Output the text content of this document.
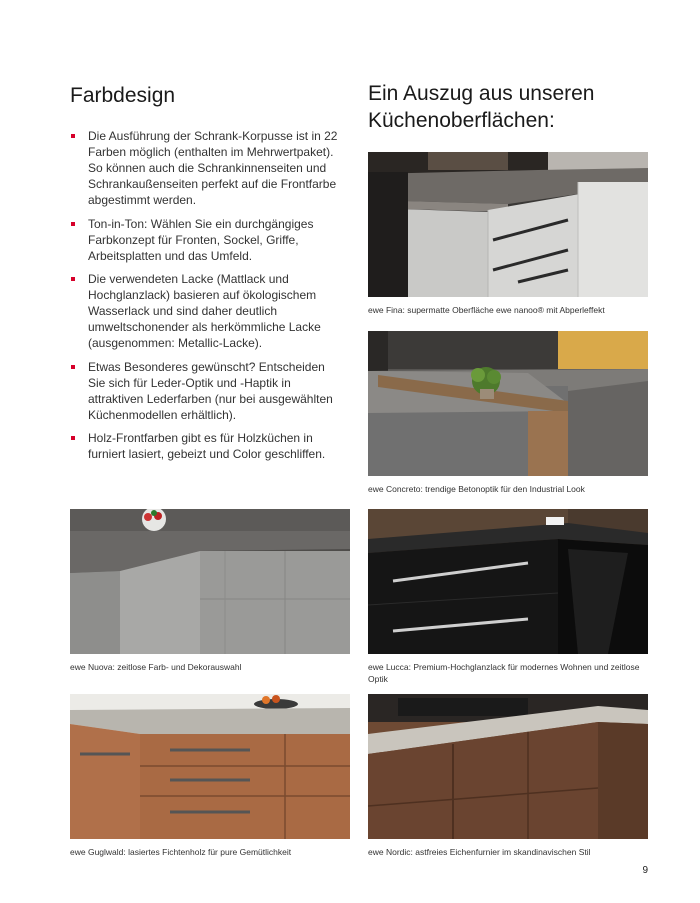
Farbdesign
Die Ausführung der Schrank-Korpusse ist in 22 Farben möglich (enthalten im Mehrwertpaket). So können auch die Schrankinnenseiten und Schrankaußenseiten perfekt auf die Frontfarbe abgestimmt werden.
Ton-in-Ton: Wählen Sie ein durchgängiges Farbkonzept für Fronten, Sockel, Griffe, Arbeitsplatten und das Umfeld.
Die verwendeten Lacke (Mattlack und Hochglanzlack) basieren auf ökologischem Wasserlack und sind daher deutlich umweltschonender als herkömmliche Lacke (ausgenommen: Metallic-Lacke).
Etwas Besonderes gewünscht? Entscheiden Sie sich für Leder-Optik und -Haptik in attraktiven Lederfarben (nur bei ausgewählten Küchenmodellen erhältlich).
Holz-Frontfarben gibt es für Holzküchen in furniert lasiert, gebeizt und Color geschliffen.
Ein Auszug aus unseren Küchenoberflächen:
ewe Fina: supermatte Oberfläche ewe nanoo® mit Abperleffekt
ewe Concreto: trendige Betonoptik für den Industrial Look
ewe Nuova: zeitlose Farb- und Dekorauswahl	ewe Lucca: Premium-Hochglanzlack für modernes Wohnen und zeitlose Optik
ewe Guglwald: lasiertes Fichtenholz für pure Gemütlichkeit	ewe Nordic: astfreies Eichenfurnier im skandinavischen Stil
9
